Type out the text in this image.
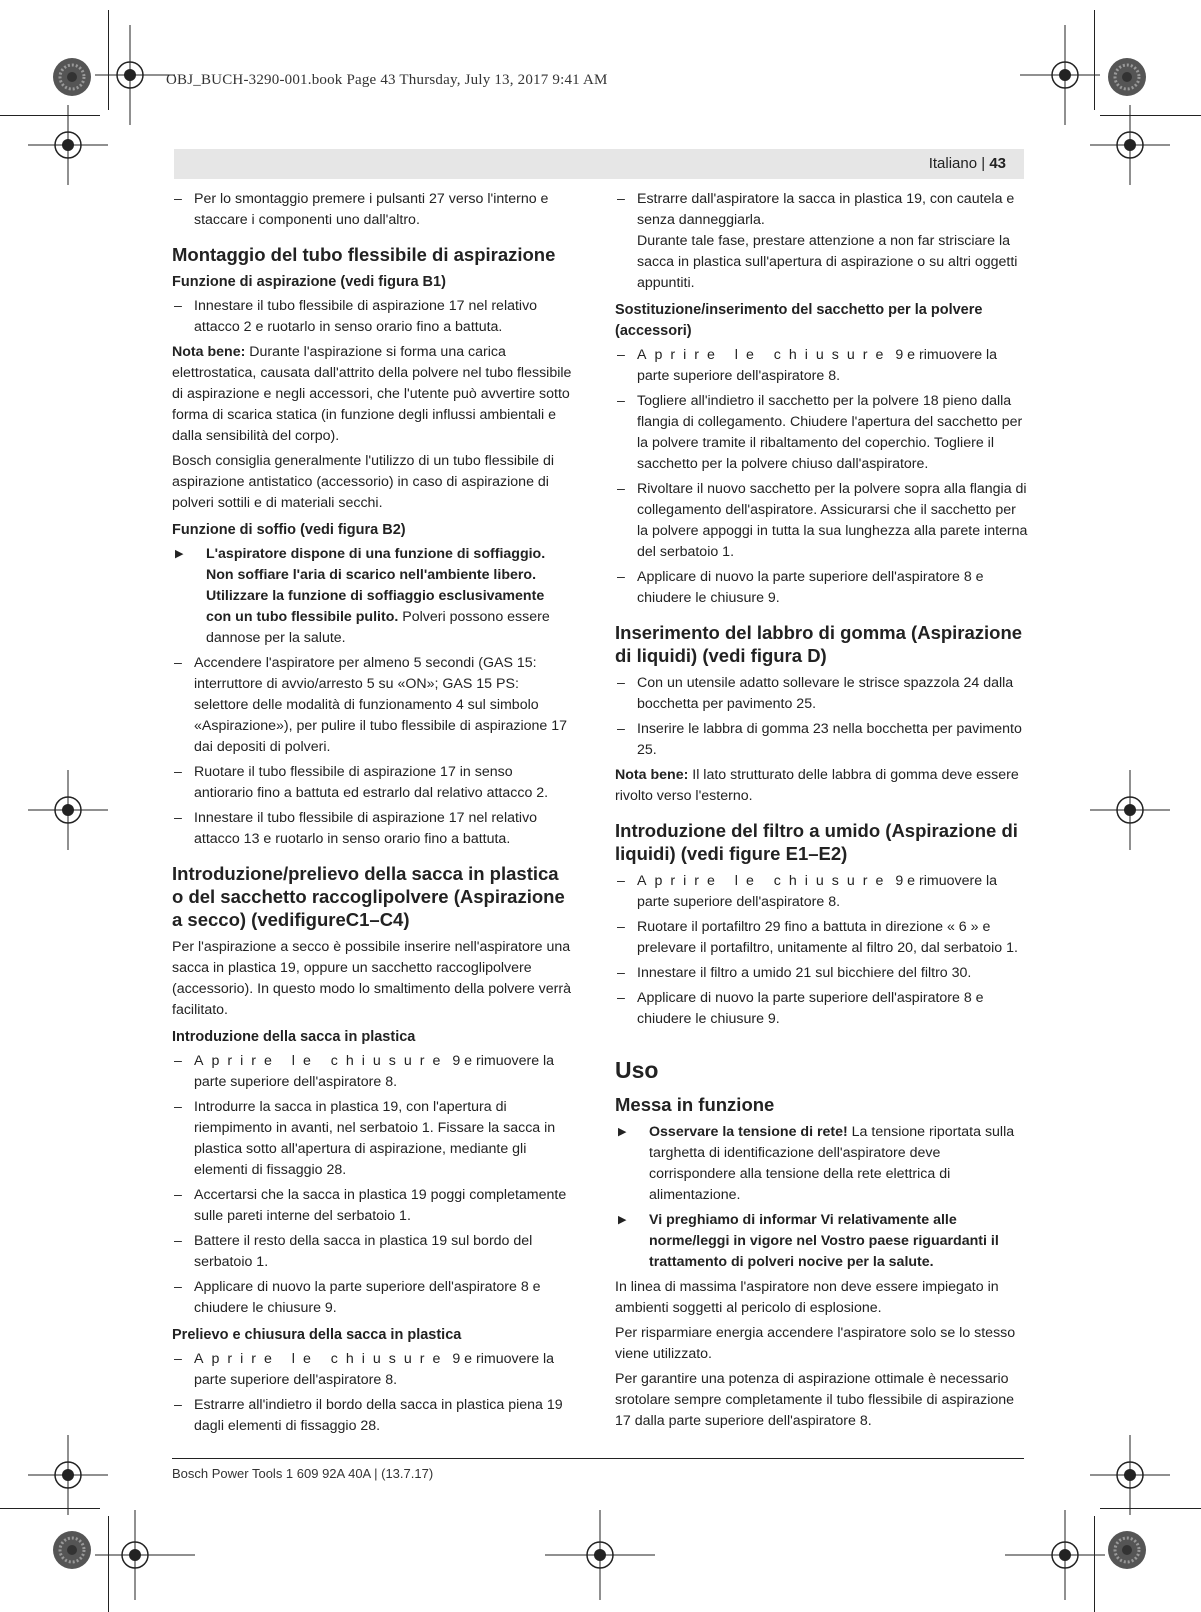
OBJ_BUCH-3290-001.book Page 43 Thursday, July 13, 2017 9:41 AM
Italiano | 43

– Per lo smontaggio premere i pulsanti 27 verso l'interno e staccare i componenti uno dall'altro.

Montaggio del tubo flessibile di aspirazione
Funzione di aspirazione (vedi figura B1)

– Innestare il tubo flessibile di aspirazione 17 nel relativo attacco 2 e ruotarlo in senso orario fino a battuta.

Nota bene: Durante l'aspirazione si forma una carica elettrostatica, causata dall'attrito della polvere nel tubo flessibile di aspirazione e negli accessori, che l'utente può avvertire sotto forma di scarica statica (in funzione degli influssi ambientali e dalla sensibilità del corpo).

Bosch consiglia generalmente l'utilizzo di un tubo flessibile di aspirazione antistatico (accessorio) in caso di aspirazione di polveri sottili e di materiali secchi.

Funzione di soffio (vedi figura B2)

▶ L'aspiratore dispone di una funzione di soffiaggio. Non soffiare l'aria di scarico nell'ambiente libero. Utilizzare la funzione di soffiaggio esclusivamente con un tubo flessibile pulito. Polveri possono essere dannose per la salute.

– Accendere l'aspiratore per almeno 5 secondi (GAS 15: interruttore di avvio/arresto 5 su «ON»; GAS 15 PS: selettore delle modalità di funzionamento 4 sul simbolo «Aspirazione»), per pulire il tubo flessibile di aspirazione 17 dai depositi di polveri.

– Ruotare il tubo flessibile di aspirazione 17 in senso antiorario fino a battuta ed estrarlo dal relativo attacco 2.

– Innestare il tubo flessibile di aspirazione 17 nel relativo attacco 13 e ruotarlo in senso orario fino a battuta.

Introduzione/prelievo della sacca in plastica o del sacchetto raccoglipolvere (Aspirazione a secco) (vedifigureC1–C4)

Per l'aspirazione a secco è possibile inserire nell'aspiratore una sacca in plastica 19, oppure un sacchetto raccoglipolvere (accessorio). In questo modo lo smaltimento della polvere verrà facilitato.

Introduzione della sacca in plastica

– Aprire le chiusure 9 e rimuovere la parte superiore dell'aspiratore 8.

– Introdurre la sacca in plastica 19, con l'apertura di riempimento in avanti, nel serbatoio 1. Fissare la sacca in plastica sotto all'apertura di aspirazione, mediante gli elementi di fissaggio 28.

– Accertarsi che la sacca in plastica 19 poggi completamente sulle pareti interne del serbatoio 1.

– Battere il resto della sacca in plastica 19 sul bordo del serbatoio 1.

– Applicare di nuovo la parte superiore dell'aspiratore 8 e chiudere le chiusure 9.

Prelievo e chiusura della sacca in plastica

– Aprire le chiusure 9 e rimuovere la parte superiore dell'aspiratore 8.

– Estrarre all'indietro il bordo della sacca in plastica piena 19 dagli elementi di fissaggio 28.

– Estrarre dall'aspiratore la sacca in plastica 19, con cautela e senza danneggiarla.
Durante tale fase, prestare attenzione a non far strisciare la sacca in plastica sull'apertura di aspirazione o su altri oggetti appuntiti.

Sostituzione/inserimento del sacchetto per la polvere (accessori)

– Aprire le chiusure 9 e rimuovere la parte superiore dell'aspiratore 8.

– Togliere all'indietro il sacchetto per la polvere 18 pieno dalla flangia di collegamento. Chiudere l'apertura del sacchetto per la polvere tramite il ribaltamento del coperchio. Togliere il sacchetto per la polvere chiuso dall'aspiratore.

– Rivoltare il nuovo sacchetto per la polvere sopra alla flangia di collegamento dell'aspiratore. Assicurarsi che il sacchetto per la polvere appoggi in tutta la sua lunghezza alla parete interna del serbatoio 1.

– Applicare di nuovo la parte superiore dell'aspiratore 8 e chiudere le chiusure 9.

Inserimento del labbro di gomma (Aspirazione di liquidi) (vedi figura D)

– Con un utensile adatto sollevare le strisce spazzola 24 dalla bocchetta per pavimento 25.

– Inserire le labbra di gomma 23 nella bocchetta per pavimento 25.

Nota bene: Il lato strutturato delle labbra di gomma deve essere rivolto verso l'esterno.

Introduzione del filtro a umido (Aspirazione di liquidi) (vedi figure E1–E2)

– Aprire le chiusure 9 e rimuovere la parte superiore dell'aspiratore 8.

– Ruotare il portafiltro 29 fino a battuta in direzione « 6 » e prelevare il portafiltro, unitamente al filtro 20, dal serbatoio 1.

– Innestare il filtro a umido 21 sul bicchiere del filtro 30.

– Applicare di nuovo la parte superiore dell'aspiratore 8 e chiudere le chiusure 9.

Uso
Messa in funzione

▶ Osservare la tensione di rete! La tensione riportata sulla targhetta di identificazione dell'aspiratore deve corrispondere alla tensione della rete elettrica di alimentazione.

▶ Vi preghiamo di informar Vi relativamente alle norme/leggi in vigore nel Vostro paese riguardanti il trattamento di polveri nocive per la salute.

In linea di massima l'aspiratore non deve essere impiegato in ambienti soggetti al pericolo di esplosione.

Per risparmiare energia accendere l'aspiratore solo se lo stesso viene utilizzato.

Per garantire una potenza di aspirazione ottimale è necessario srotolare sempre completamente il tubo flessibile di aspirazione 17 dalla parte superiore dell'aspiratore 8.

Bosch Power Tools 1 609 92A 40A | (13.7.17)
